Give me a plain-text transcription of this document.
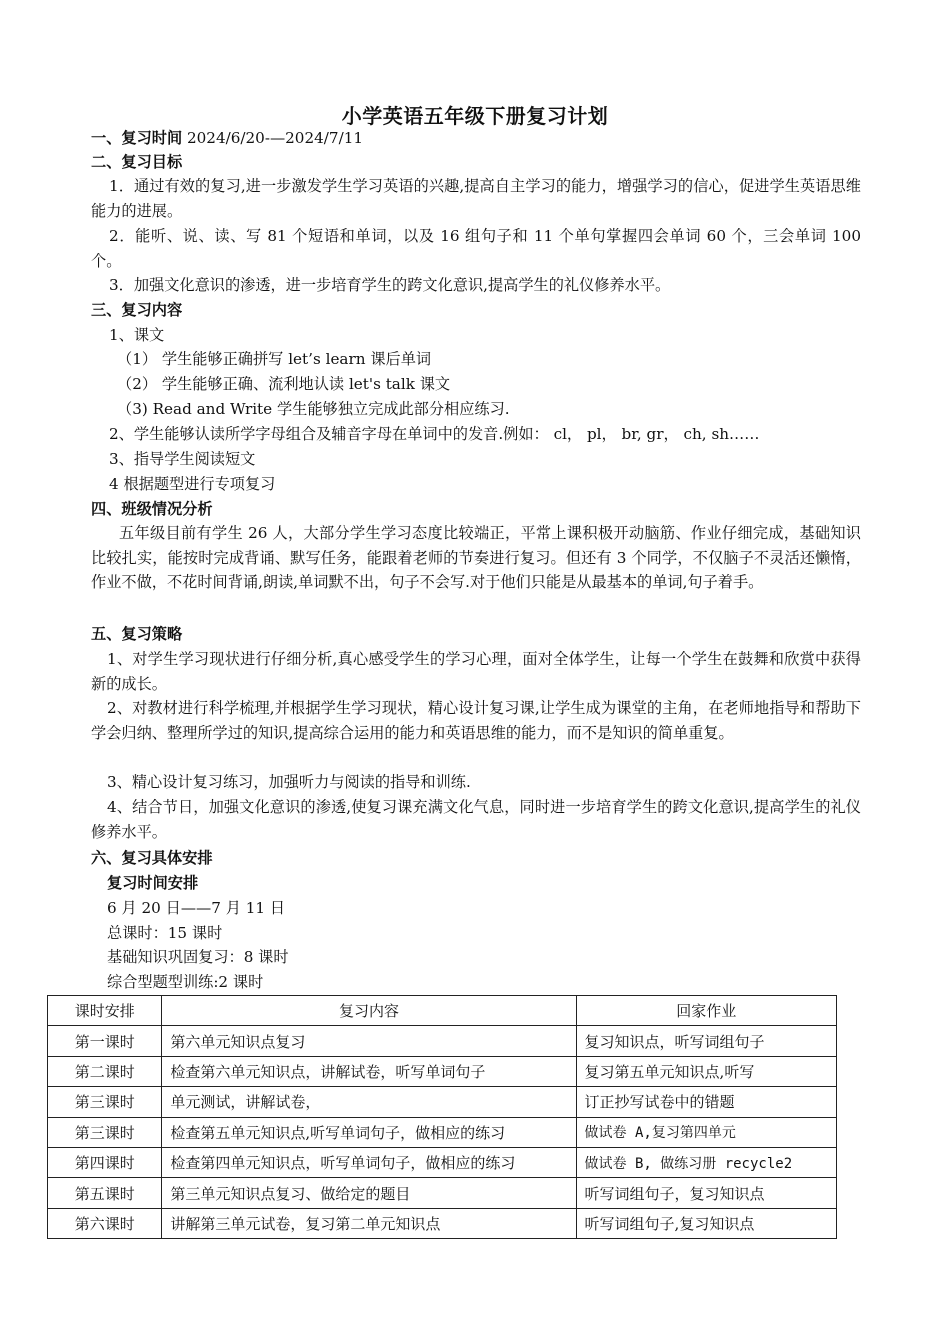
小学英语五年级下册复习计划
一、复习时间 2024/6/20-—2024/7/11
二、复习目标
1．通过有效的复习,进一步激发学生学习英语的兴趣,提高自主学习的能力，增强学习的信心，促进学生英语思维能力的进展。
2．能听、说、读、写 81 个短语和单词，以及 16 组句子和 11 个单句掌握四会单词 60 个，三会单词 100 个。
3．加强文化意识的渗透，进一步培育学生的跨文化意识,提高学生的礼仪修养水平。
三、复习内容
1、课文
（1） 学生能够正确拼写 let’s learn 课后单词
（2） 学生能够正确、流利地认读 let's talk 课文
（3) Read and Write 学生能够独立完成此部分相应练习.
2、学生能够认读所学字母组合及辅音字母在单词中的发音.例如： cl， pl， br, gr， ch, sh……
3、指导学生阅读短文
4 根据题型进行专项复习
四、班级情况分析
五年级目前有学生 26 人，大部分学生学习态度比较端正，平常上课积极开动脑筋、作业仔细完成，基础知识比较扎实，能按时完成背诵、默写任务，能跟着老师的节奏进行复习。但还有 3 个同学，不仅脑子不灵活还懒惰，作业不做，不花时间背诵,朗读,单词默不出，句子不会写.对于他们只能是从最基本的单词,句子着手。
五、复习策略
1、对学生学习现状进行仔细分析,真心感受学生的学习心理，面对全体学生，让每一个学生在鼓舞和欣赏中获得新的成长。
2、对教材进行科学梳理,并根据学生学习现状，精心设计复习课,让学生成为课堂的主角，在老师地指导和帮助下学会归纳、整理所学过的知识,提高综合运用的能力和英语思维的能力，而不是知识的简单重复。
3、精心设计复习练习，加强听力与阅读的指导和训练.
4、结合节日，加强文化意识的渗透,使复习课充满文化气息，同时进一步培育学生的跨文化意识,提高学生的礼仪修养水平。
六、复习具体安排
复习时间安排
6 月 20 日——7 月 11 日
总课时：15 课时
基础知识巩固复习：8 课时
综合型题型训练:2 课时
课时安排	复习内容	回家作业
第一课时	第六单元知识点复习	复习知识点，听写词组句子
第二课时	检查第六单元知识点，讲解试卷，听写单词句子	复习第五单元知识点,听写
第三课时	单元测试，讲解试卷，	订正抄写试卷中的错题
第三课时	检查第五单元知识点,听写单词句子，做相应的练习	做试卷 A,复习第四单元
第四课时	检查第四单元知识点，听写单词句子，做相应的练习	做试卷 B, 做练习册 recycle2
第五课时	第三单元知识点复习、做给定的题目	听写词组句子，复习知识点
第六课时	讲解第三单元试卷，复习第二单元知识点	听写词组句子,复习知识点
